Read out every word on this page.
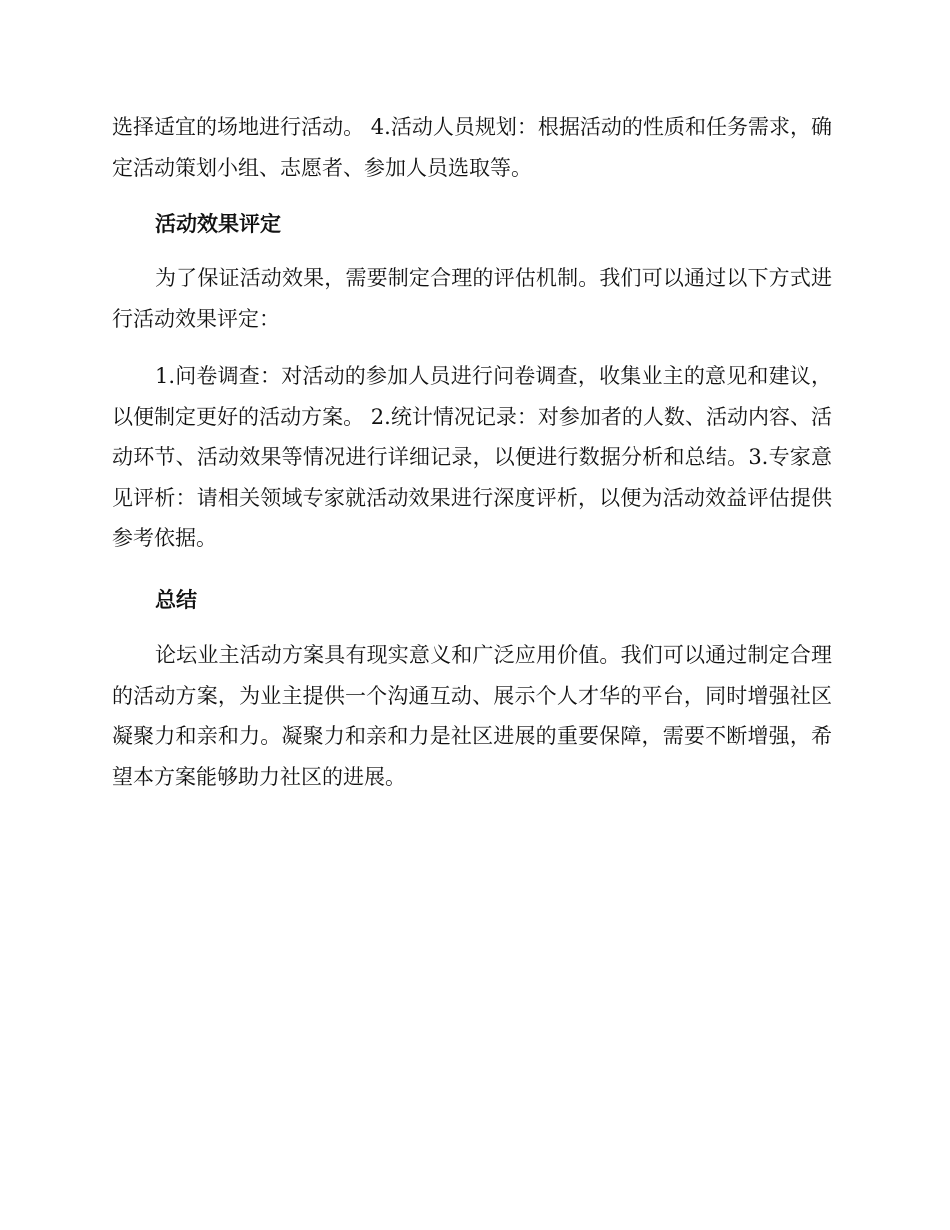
选择适宜的场地进行活动。 4.活动人员规划：根据活动的性质和任务需求，确定活动策划小组、志愿者、参加人员选取等。

活动效果评定

为了保证活动效果，需要制定合理的评估机制。我们可以通过以下方式进行活动效果评定：

1.问卷调查：对活动的参加人员进行问卷调查，收集业主的意见和建议，以便制定更好的活动方案。 2.统计情况记录：对参加者的人数、活动内容、活动环节、活动效果等情况进行详细记录，以便进行数据分析和总结。3.专家意见评析：请相关领域专家就活动效果进行深度评析，以便为活动效益评估提供参考依据。

总结

论坛业主活动方案具有现实意义和广泛应用价值。我们可以通过制定合理的活动方案，为业主提供一个沟通互动、展示个人才华的平台，同时增强社区凝聚力和亲和力。凝聚力和亲和力是社区进展的重要保障，需要不断增强，希望本方案能够助力社区的进展。
